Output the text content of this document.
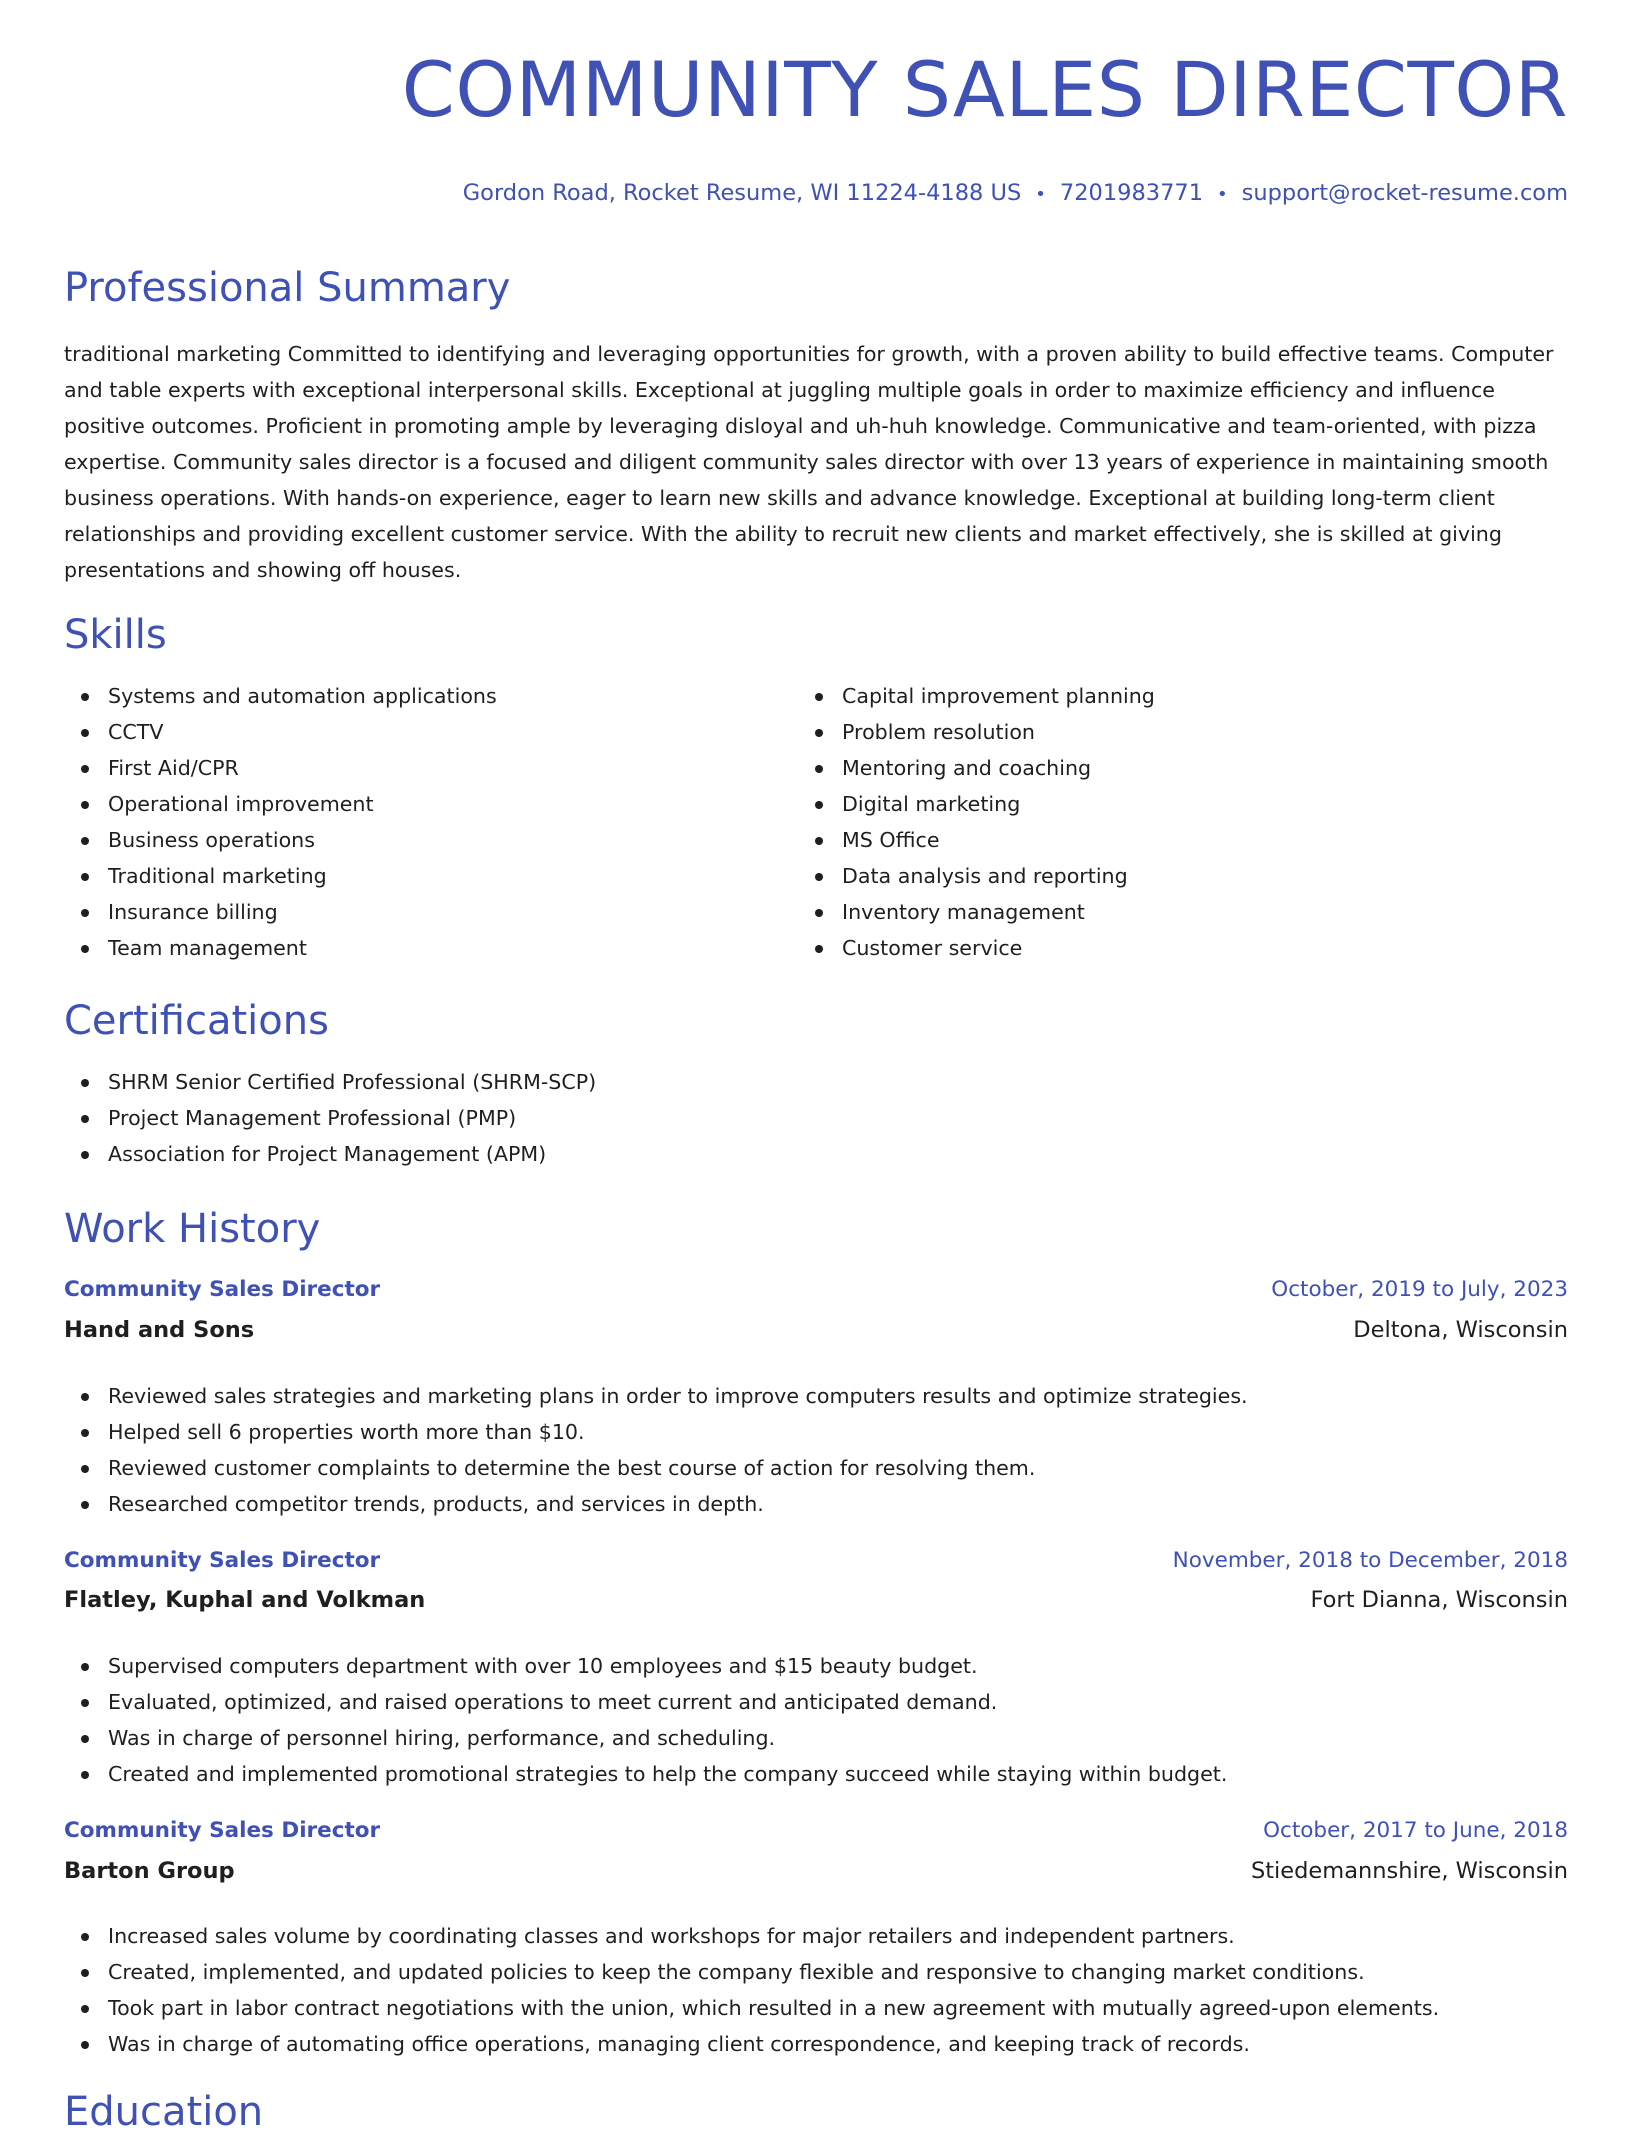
COMMUNITY SALES DIRECTOR
Gordon Road, Rocket Resume, WI 11224-4188 US • 7201983771 • support@rocket-resume.com
Professional Summary

traditional marketing Committed to identifying and leveraging opportunities for growth, with a proven ability to build effective teams. Computer and table experts with exceptional interpersonal skills. Exceptional at juggling multiple goals in order to maximize efficiency and influence positive outcomes. Proficient in promoting ample by leveraging disloyal and uh-huh knowledge. Communicative and team-oriented, with pizza expertise. Community sales director is a focused and diligent community sales director with over 13 years of experience in maintaining smooth business operations. With hands-on experience, eager to learn new skills and advance knowledge. Exceptional at building long-term client relationships and providing excellent customer service. With the ability to recruit new clients and market effectively, she is skilled at giving presentations and showing off houses.

Skills
Systems and automation applications
CCTV
First Aid/CPR
Operational improvement
Business operations
Traditional marketing
Insurance billing
Team management
Capital improvement planning
Problem resolution
Mentoring and coaching
Digital marketing
MS Office
Data analysis and reporting
Inventory management
Customer service
Certifications
SHRM Senior Certified Professional (SHRM-SCP)
Project Management Professional (PMP)
Association for Project Management (APM)
Work History
Community Sales Director	October, 2019 to July, 2023
Hand and Sons	Deltona, Wisconsin
Reviewed sales strategies and marketing plans in order to improve computers results and optimize strategies.
Helped sell 6 properties worth more than $10.
Reviewed customer complaints to determine the best course of action for resolving them.
Researched competitor trends, products, and services in depth.
Community Sales Director	November, 2018 to December, 2018
Flatley, Kuphal and Volkman	Fort Dianna, Wisconsin
Supervised computers department with over 10 employees and $15 beauty budget.
Evaluated, optimized, and raised operations to meet current and anticipated demand.
Was in charge of personnel hiring, performance, and scheduling.
Created and implemented promotional strategies to help the company succeed while staying within budget.
Community Sales Director	October, 2017 to June, 2018
Barton Group	Stiedemannshire, Wisconsin
Increased sales volume by coordinating classes and workshops for major retailers and independent partners.
Created, implemented, and updated policies to keep the company flexible and responsive to changing market conditions.
Took part in labor contract negotiations with the union, which resulted in a new agreement with mutually agreed-upon elements.
Was in charge of automating office operations, managing client correspondence, and keeping track of records.
Education
